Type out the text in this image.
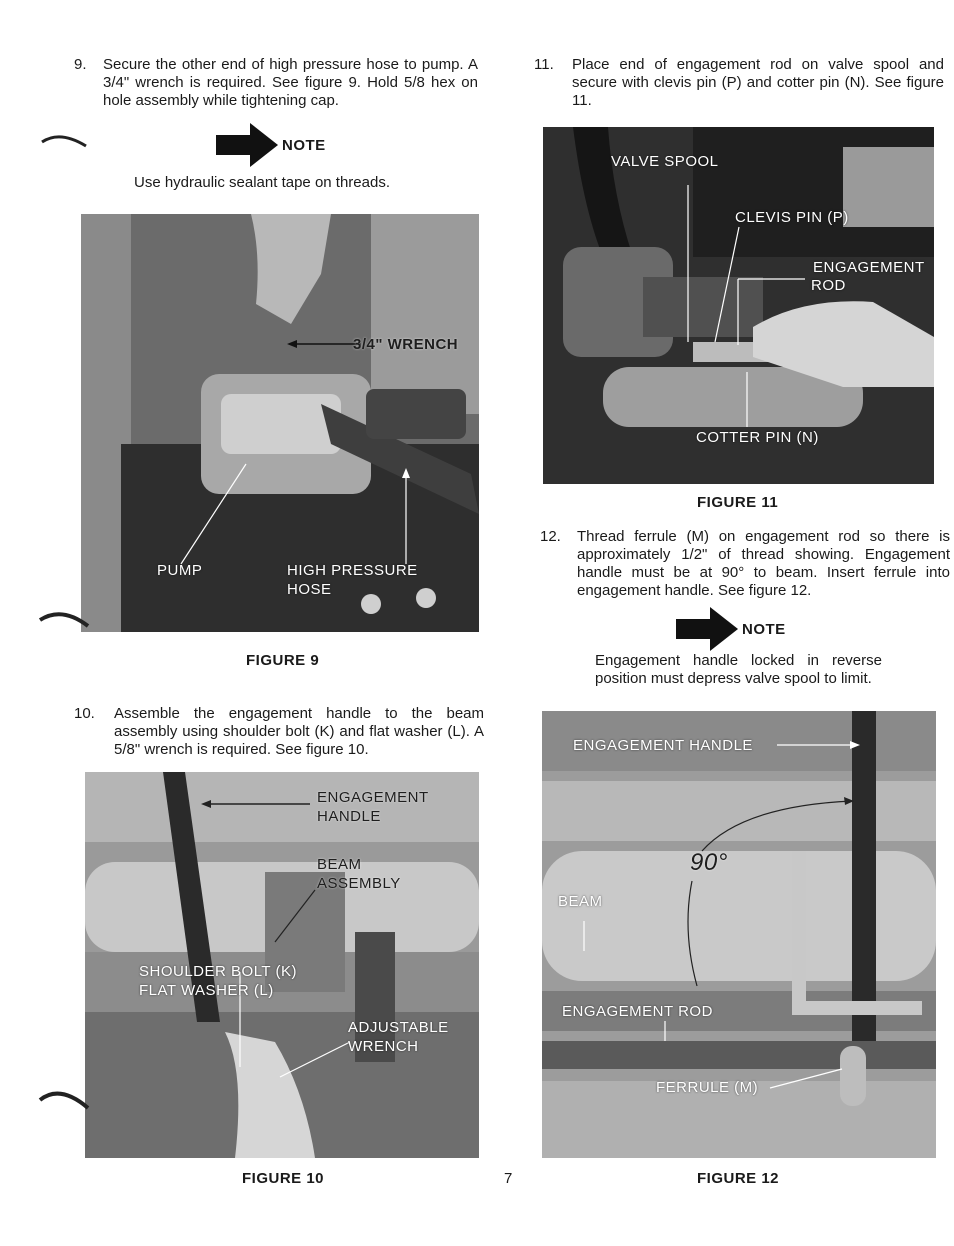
9. Secure the other end of high pressure hose to pump. A 3/4" wrench is required. See figure 9. Hold 5/8 hex on hole assembly while tightening cap.
NOTE
Use hydraulic sealant tape on threads.
3/4" WRENCH
PUMP	HIGH PRESSURE
HOSE
FIGURE 9
10. Assemble the engagement handle to the beam assembly using shoulder bolt (K) and flat washer (L). A 5/8" wrench is required. See figure 10.
ENGAGEMENT
HANDLE
BEAM
ASSEMBLY
SHOULDER BOLT (K)
FLAT WASHER (L)
ADJUSTABLE
WRENCH
FIGURE 10
11. Place end of engagement rod on valve spool and secure with clevis pin (P) and cotter pin (N). See figure 11.
VALVE SPOOL
CLEVIS PIN (P)
ENGAGEMENT
ROD
COTTER PIN (N)
FIGURE 11
12. Thread ferrule (M) on engagement rod so there is approximately 1/2" of thread showing. Engagement handle must be at 90° to beam. Insert ferrule into engagement handle. See figure 12.
NOTE
Engagement handle locked in reverse position must depress valve spool to limit.
ENGAGEMENT HANDLE
90°
BEAM
ENGAGEMENT ROD
FERRULE (M)
FIGURE 12
7
